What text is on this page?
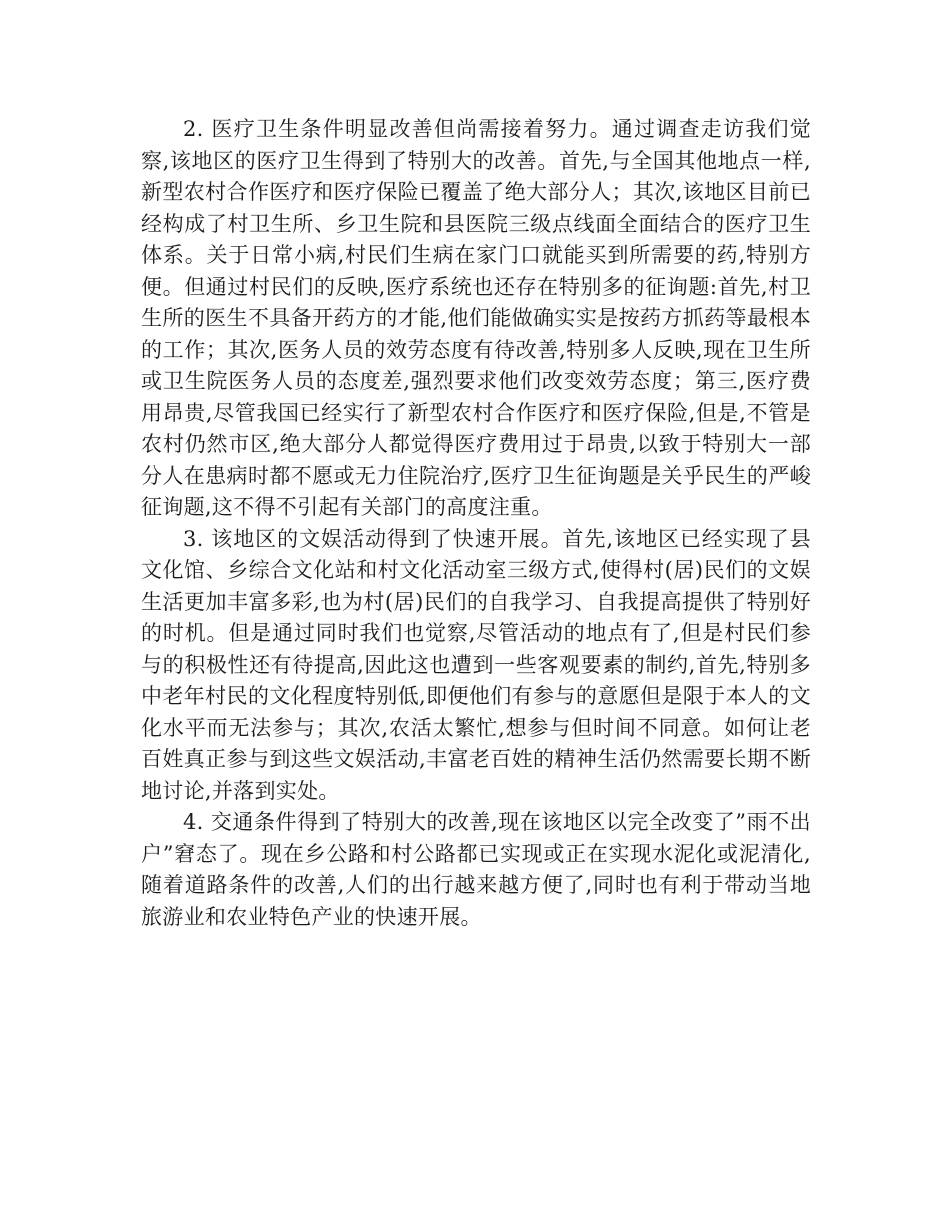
2. 医疗卫生条件明显改善但尚需接着努力。通过调查走访我们觉察,该地区的医疗卫生得到了特别大的改善。首先,与全国其他地点一样,新型农村合作医疗和医疗保险已覆盖了绝大部分人；其次,该地区目前已经构成了村卫生所、乡卫生院和县医院三级点线面全面结合的医疗卫生体系。关于日常小病,村民们生病在家门口就能买到所需要的药,特别方便。但通过村民们的反映,医疗系统也还存在特别多的征询题:首先,村卫生所的医生不具备开药方的才能,他们能做确实实是按药方抓药等最根本的工作；其次,医务人员的效劳态度有待改善,特别多人反映,现在卫生所或卫生院医务人员的态度差,强烈要求他们改变效劳态度；第三,医疗费用昂贵,尽管我国已经实行了新型农村合作医疗和医疗保险,但是,不管是农村仍然市区,绝大部分人都觉得医疗费用过于昂贵,以致于特别大一部分人在患病时都不愿或无力住院治疗,医疗卫生征询题是关乎民生的严峻征询题,这不得不引起有关部门的高度注重。

3. 该地区的文娱活动得到了快速开展。首先,该地区已经实现了县文化馆、乡综合文化站和村文化活动室三级方式,使得村(居)民们的文娱生活更加丰富多彩,也为村(居)民们的自我学习、自我提高提供了特别好的时机。但是通过同时我们也觉察,尽管活动的地点有了,但是村民们参与的积极性还有待提高,因此这也遭到一些客观要素的制约,首先,特别多中老年村民的文化程度特别低,即便他们有参与的意愿但是限于本人的文化水平而无法参与；其次,农活太繁忙,想参与但时间不同意。如何让老百姓真正参与到这些文娱活动,丰富老百姓的精神生活仍然需要长期不断地讨论,并落到实处。

4. 交通条件得到了特别大的改善,现在该地区以完全改变了”雨不出户”窘态了。现在乡公路和村公路都已实现或正在实现水泥化或泥清化,随着道路条件的改善,人们的出行越来越方便了,同时也有利于带动当地旅游业和农业特色产业的快速开展。
